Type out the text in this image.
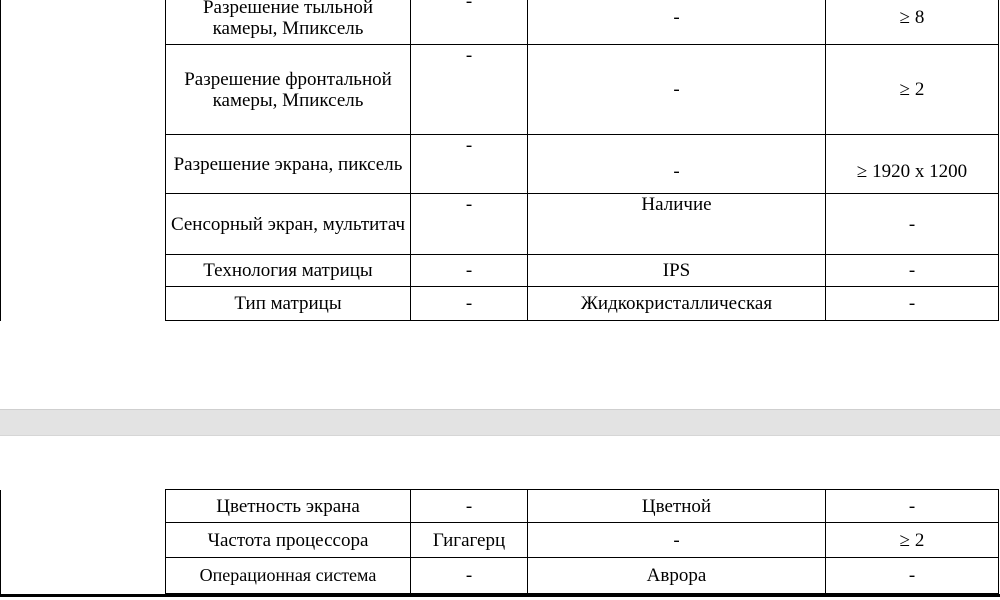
	Разрешение тыльной камеры, Мпиксель	-	-	≥ 8
	Разрешение фронтальной камеры, Мпиксель	-	-	≥ 2
	Разрешение экрана, пиксель	-	-	≥ 1920 x 1200
	Сенсорный экран, мультитач	-	Наличие	-
	Технология матрицы	-	IPS	-
	Тип матрицы	-	Жидкокристаллическая	-
	Цветность экрана	-	Цветной	-
	Частота процессора	Гигагерц	-	≥ 2
	Операционная система	-	Аврора	-
